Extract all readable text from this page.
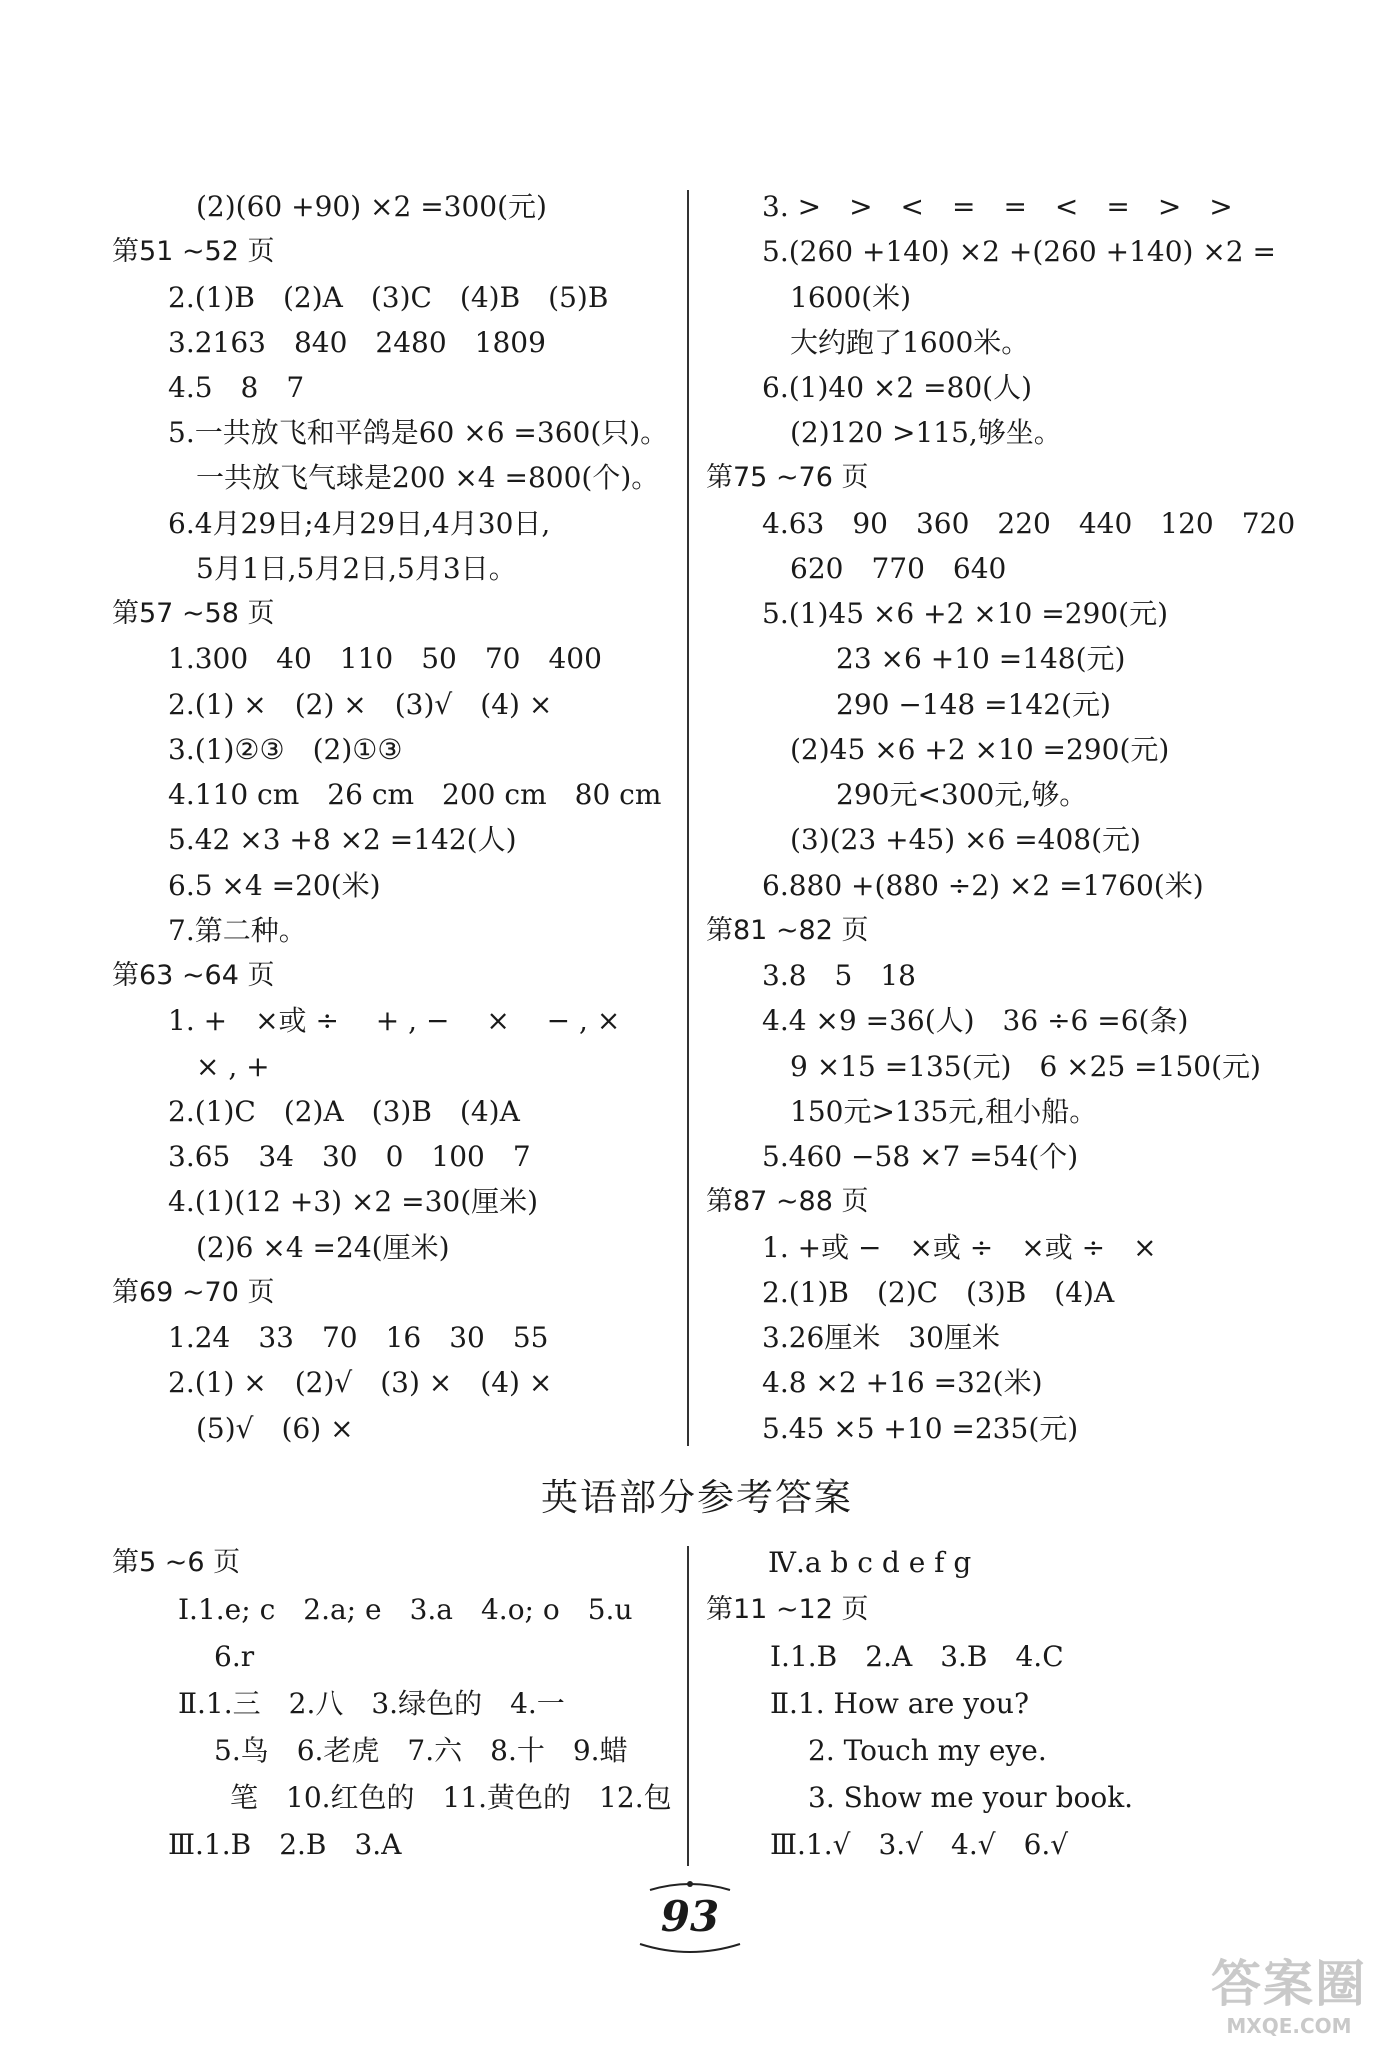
(2)(60 +90) ×2 =300(元)
第51 ~52 页
2.(1)B　(2)A　(3)C　(4)B　(5)B
3.2163　840　2480　1809
4.5　8　7
5.一共放飞和平鸽是60 ×6 =360(只)。
一共放飞气球是200 ×4 =800(个)。
6.4月29日;4月29日,4月30日,
5月1日,5月2日,5月3日。
第57 ~58 页
1.300　40　110　50　70　400
2.(1) ×　(2) ×　(3)√　(4) ×
3.(1)②③　(2)①③
4.110 cm　26 cm　200 cm　80 cm
5.42 ×3 +8 ×2 =142(人)
6.5 ×4 =20(米)
7.第二种。
第63 ~64 页
1. +　×或 ÷　 + , −　 ×　 − , ×
× , +
2.(1)C　(2)A　(3)B　(4)A
3.65　34　30　0　100　7
4.(1)(12 +3) ×2 =30(厘米)
(2)6 ×4 =24(厘米)
第69 ~70 页
1.24　33　70　16　30　55
2.(1) ×　(2)√　(3) ×　(4) ×
(5)√　(6) ×
3. >　>　<　=　=　<　=　>　>
5.(260 +140) ×2 +(260 +140) ×2 =
1600(米)
大约跑了1600米。
6.(1)40 ×2 =80(人)
(2)120 >115,够坐。
第75 ~76 页
4.63　90　360　220　440　120　720
620　770　640
5.(1)45 ×6 +2 ×10 =290(元)
23 ×6 +10 =148(元)
290 −148 =142(元)
(2)45 ×6 +2 ×10 =290(元)
290元<300元,够。
(3)(23 +45) ×6 =408(元)
6.880 +(880 ÷2) ×2 =1760(米)
第81 ~82 页
3.8　5　18
4.4 ×9 =36(人)　36 ÷6 =6(条)
9 ×15 =135(元)　6 ×25 =150(元)
150元>135元,租小船。
5.460 −58 ×7 =54(个)
第87 ~88 页
1. +或 −　×或 ÷　×或 ÷　×
2.(1)B　(2)C　(3)B　(4)A
3.26厘米　30厘米
4.8 ×2 +16 =32(米)
5.45 ×5 +10 =235(元)
英语部分参考答案
第5 ~6 页
Ⅰ.1.e; c　2.a; e　3.a　4.o; o　5.u
6.r
Ⅱ.1.三　2.八　3.绿色的　4.一
5.鸟　6.老虎　7.六　8.十　9.蜡
笔　10.红色的　11.黄色的　12.包
Ⅲ.1.B　2.B　3.A
Ⅳ.a b c d e f g
第11 ~12 页
Ⅰ.1.B　2.A　3.B　4.C
Ⅱ.1. How are you?
2. Touch my eye.
3. Show me your book.
Ⅲ.1.√　3.√　4.√　6.√
93
答案圈
MXQE.COM
